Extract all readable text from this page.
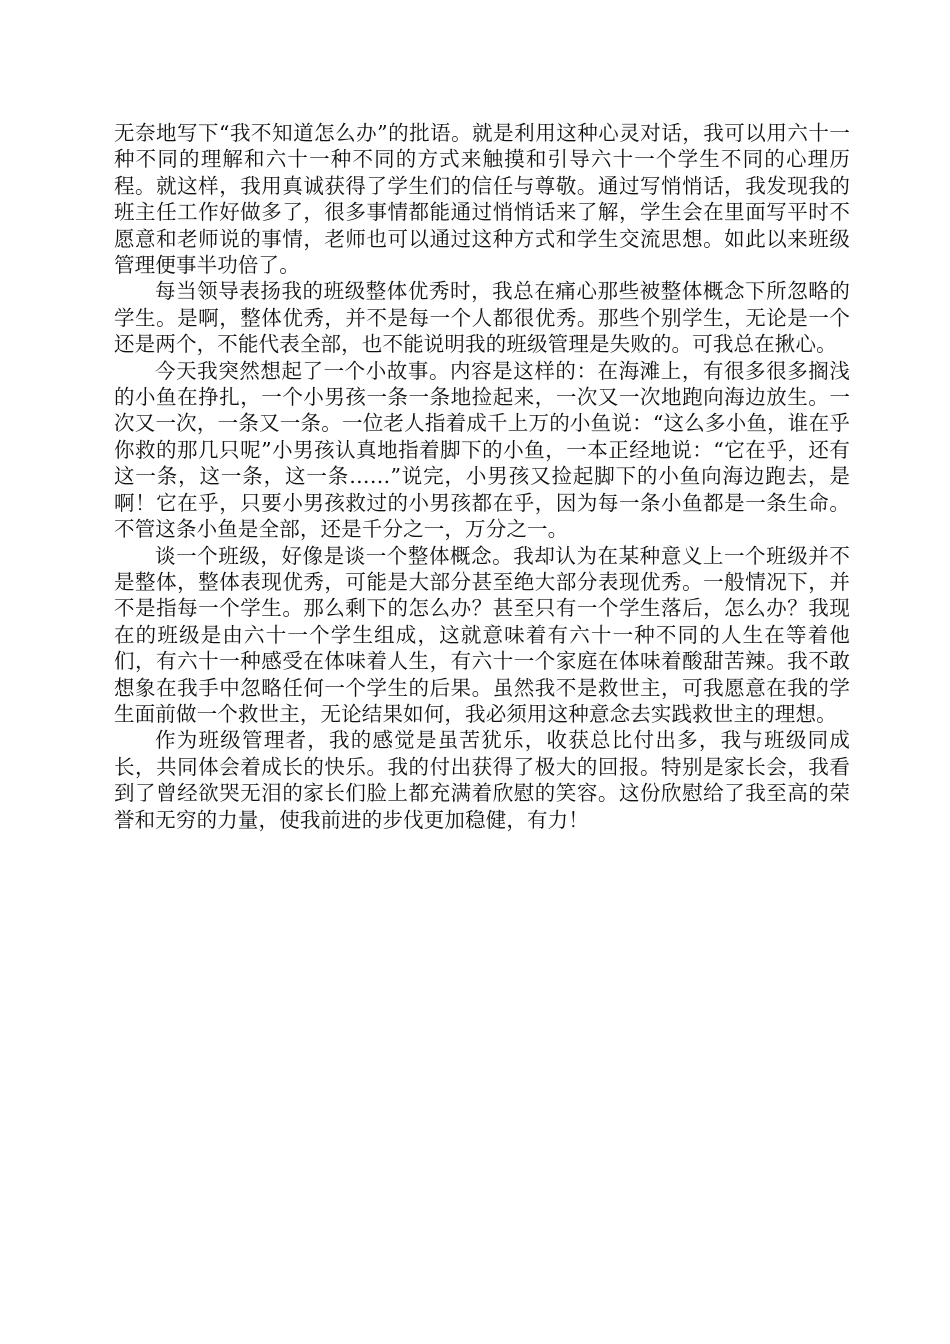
无奈地写下“我不知道怎么办”的批语。就是利用这种心灵对话，我可以用六十一种不同的理解和六十一种不同的方式来触摸和引导六十一个学生不同的心理历程。就这样，我用真诚获得了学生们的信任与尊敬。通过写悄悄话，我发现我的班主任工作好做多了，很多事情都能通过悄悄话来了解，学生会在里面写平时不愿意和老师说的事情，老师也可以通过这种方式和学生交流思想。如此以来班级管理便事半功倍了。

每当领导表扬我的班级整体优秀时，我总在痛心那些被整体概念下所忽略的学生。是啊，整体优秀，并不是每一个人都很优秀。那些个别学生，无论是一个还是两个，不能代表全部，也不能说明我的班级管理是失败的。可我总在揪心。

今天我突然想起了一个小故事。内容是这样的：在海滩上，有很多很多搁浅的小鱼在挣扎，一个小男孩一条一条地捡起来，一次又一次地跑向海边放生。一次又一次，一条又一条。一位老人指着成千上万的小鱼说：“这么多小鱼，谁在乎你救的那几只呢”小男孩认真地指着脚下的小鱼，一本正经地说：“它在乎，还有这一条，这一条，这一条……”说完，小男孩又捡起脚下的小鱼向海边跑去，是啊！它在乎，只要小男孩救过的小男孩都在乎，因为每一条小鱼都是一条生命。不管这条小鱼是全部，还是千分之一，万分之一。

谈一个班级，好像是谈一个整体概念。我却认为在某种意义上一个班级并不是整体，整体表现优秀，可能是大部分甚至绝大部分表现优秀。一般情况下，并不是指每一个学生。那么剩下的怎么办？甚至只有一个学生落后，怎么办？我现在的班级是由六十一个学生组成，这就意味着有六十一种不同的人生在等着他们，有六十一种感受在体味着人生，有六十一个家庭在体味着酸甜苦辣。我不敢想象在我手中忽略任何一个学生的后果。虽然我不是救世主，可我愿意在我的学生面前做一个救世主，无论结果如何，我必须用这种意念去实践救世主的理想。

作为班级管理者，我的感觉是虽苦犹乐，收获总比付出多，我与班级同成长，共同体会着成长的快乐。我的付出获得了极大的回报。特别是家长会，我看到了曾经欲哭无泪的家长们脸上都充满着欣慰的笑容。这份欣慰给了我至高的荣誉和无穷的力量，使我前进的步伐更加稳健，有力！
